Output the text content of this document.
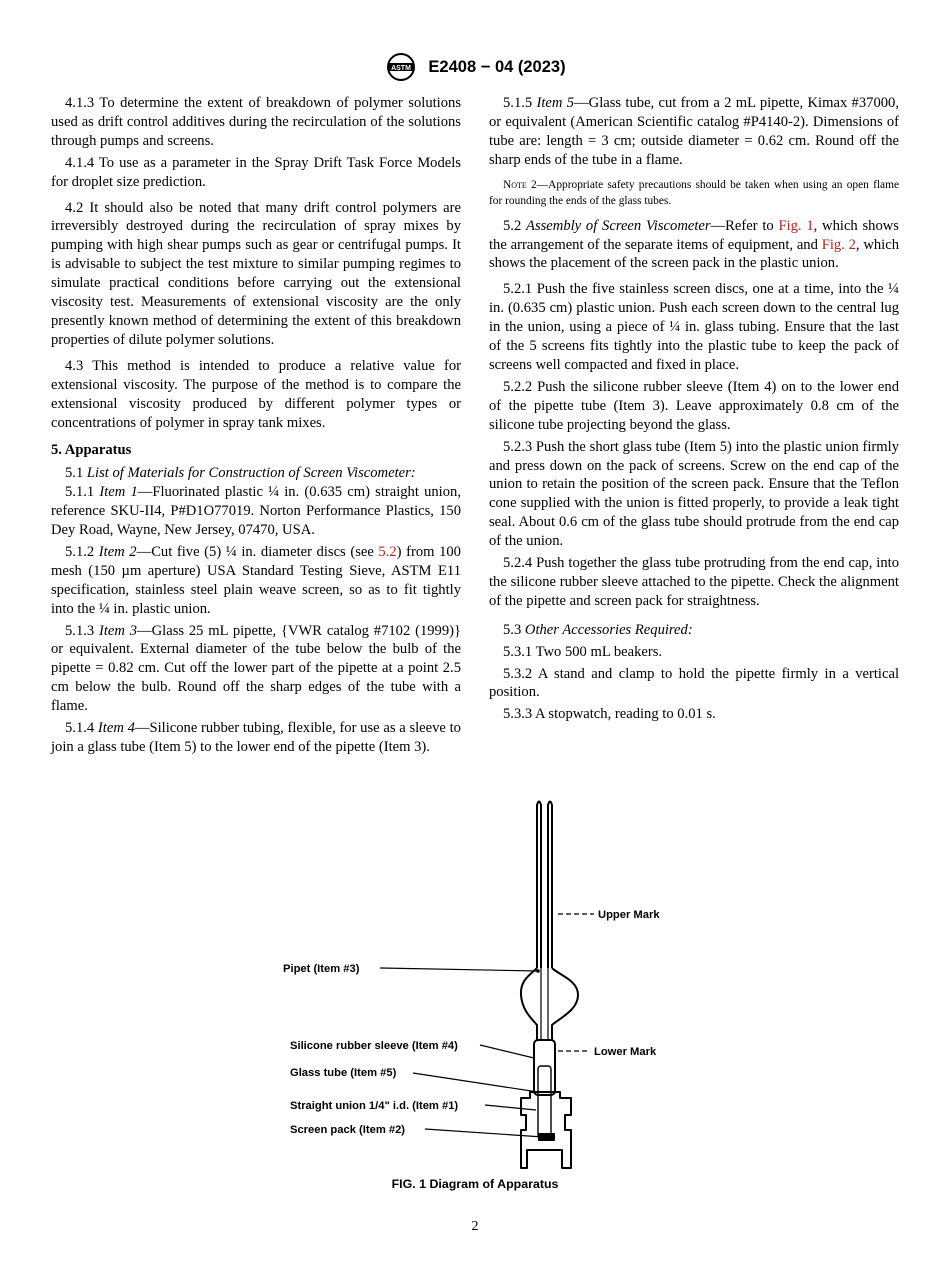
ASTM E2408 − 04 (2023)

4.1.3 To determine the extent of breakdown of polymer solutions used as drift control additives during the recirculation of the solutions through pumps and screens.

4.1.4 To use as a parameter in the Spray Drift Task Force Models for droplet size prediction.

4.2 It should also be noted that many drift control polymers are irreversibly destroyed during the recirculation of spray mixes by pumping with high shear pumps such as gear or centrifugal pumps. It is advisable to subject the test mixture to similar pumping regimes to simulate practical conditions before carrying out the extensional viscosity test. Measurements of extensional viscosity are the only presently known method of determining the extent of this breakdown properties of dilute polymer solutions.

4.3 This method is intended to produce a relative value for extensional viscosity. The purpose of the method is to compare the extensional viscosity produced by different polymer types or concentrations of polymer in spray tank mixes.

5. Apparatus

5.1 List of Materials for Construction of Screen Viscometer:

5.1.1 Item 1—Fluorinated plastic ¼ in. (0.635 cm) straight union, reference SKU-II4, P#D1O77019. Norton Performance Plastics, 150 Dey Road, Wayne, New Jersey, 07470, USA.

5.1.2 Item 2—Cut five (5) ¼ in. diameter discs (see 5.2) from 100 mesh (150 µm aperture) USA Standard Testing Sieve, ASTM E11 specification, stainless steel plain weave screen, so as to fit tightly into the ¼ in. plastic union.

5.1.3 Item 3—Glass 25 mL pipette, {VWR catalog #7102 (1999)} or equivalent. External diameter of the tube below the bulb of the pipette = 0.82 cm. Cut off the lower part of the pipette at a point 2.5 cm below the bulb. Round off the sharp edges of the tube with a flame.

5.1.4 Item 4—Silicone rubber tubing, flexible, for use as a sleeve to join a glass tube (Item 5) to the lower end of the pipette (Item 3).

5.1.5 Item 5—Glass tube, cut from a 2 mL pipette, Kimax #37000, or equivalent (American Scientific catalog #P4140-2). Dimensions of tube are: length = 3 cm; outside diameter = 0.62 cm. Round off the sharp ends of the tube in a flame.

Note 2—Appropriate safety precautions should be taken when using an open flame for rounding the ends of the glass tubes.

5.2 Assembly of Screen Viscometer—Refer to Fig. 1, which shows the arrangement of the separate items of equipment, and Fig. 2, which shows the placement of the screen pack in the plastic union.

5.2.1 Push the five stainless screen discs, one at a time, into the ¼ in. (0.635 cm) plastic union. Push each screen down to the central lug in the union, using a piece of ¼ in. glass tubing. Ensure that the last of the 5 screens fits tightly into the plastic tube to keep the pack of screens well compacted and fixed in place.

5.2.2 Push the silicone rubber sleeve (Item 4) on to the lower end of the pipette tube (Item 3). Leave approximately 0.8 cm of the silicone tube projecting beyond the glass.

5.2.3 Push the short glass tube (Item 5) into the plastic union firmly and press down on the pack of screens. Screw on the end cap of the union to retain the position of the screen pack. Ensure that the Teflon cone supplied with the union is fitted properly, to provide a leak tight seal. About 0.6 cm of the glass tube should protrude from the end cap of the union.

5.2.4 Push together the glass tube protruding from the end cap, into the silicone rubber sleeve attached to the pipette. Check the alignment of the pipette and screen pack for straightness.

5.3 Other Accessories Required:

5.3.1 Two 500 mL beakers.

5.3.2 A stand and clamp to hold the pipette firmly in a vertical position.

5.3.3 A stopwatch, reading to 0.01 s.

Upper Mark
Pipet (Item #3)
Silicone rubber sleeve (Item #4)	Lower Mark
Glass tube (Item #5)
Straight union 1/4" i.d. (Item #1)
Screen pack (Item #2)
FIG. 1 Diagram of Apparatus
2
